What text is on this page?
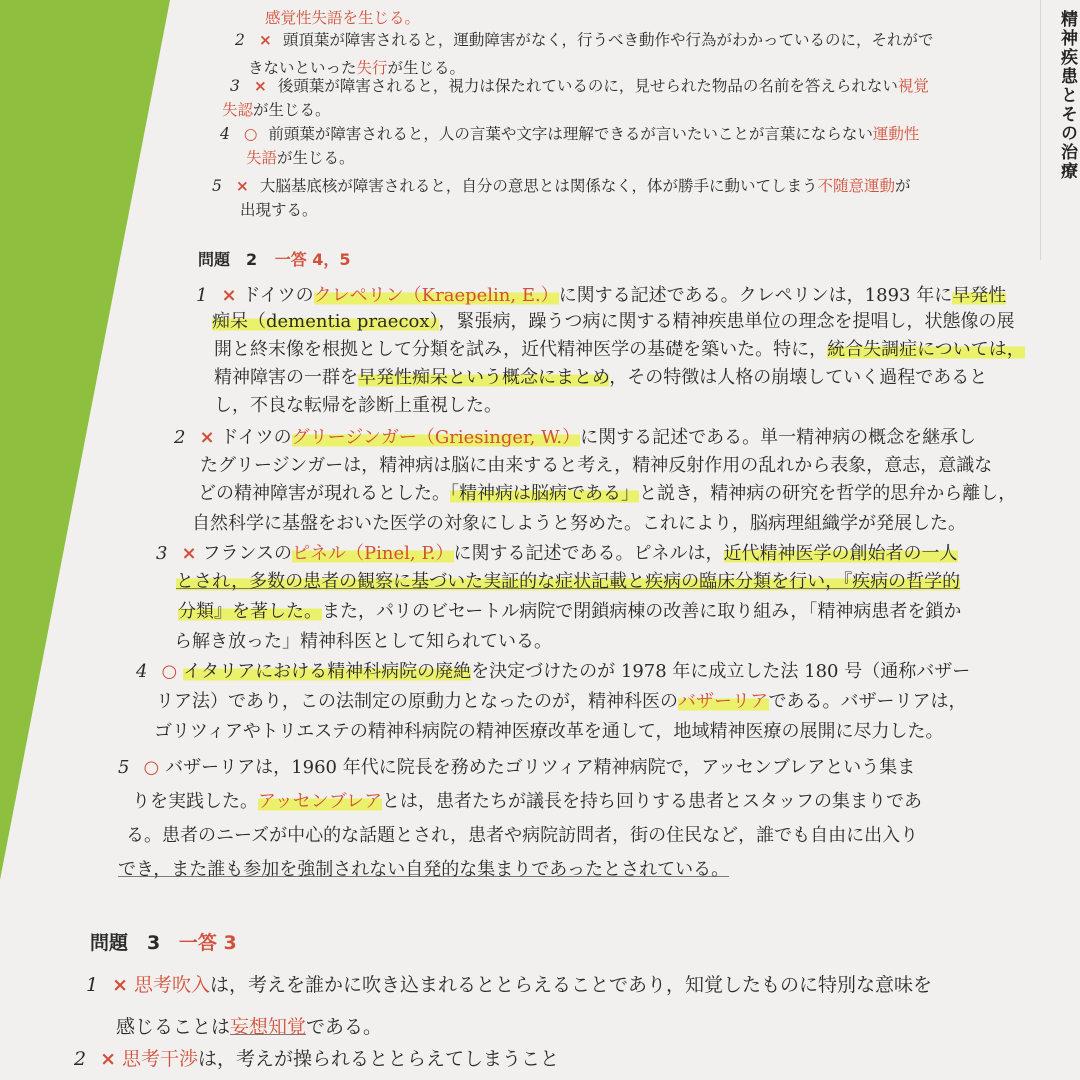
感覚性失語を生じる。
2 × 頭頂葉が障害されると，運動障害がなく，行うべき動作や行為がわかっているのに，それがで
きないといった失行が生じる。
3 × 後頭葉が障害されると，視力は保たれているのに，見せられた物品の名前を答えられない視覚
失認が生じる。
4 ○ 前頭葉が障害されると，人の言葉や文字は理解できるが言いたいことが言葉にならない運動性
失語が生じる。
5 × 大脳基底核が障害されると，自分の意思とは関係なく，体が勝手に動いてしまう不随意運動が
出現する。
問題　2 一答 4，5
1 × ドイツのクレペリン（Kraepelin, E.）に関する記述である。クレペリンは，1893 年に早発性
痴呆（dementia praecox），緊張病，躁うつ病に関する精神疾患単位の理念を提唱し，状態像の展
開と終末像を根拠として分類を試み，近代精神医学の基礎を築いた。特に，統合失調症については，
精神障害の一群を早発性痴呆という概念にまとめ，その特徴は人格の崩壊していく過程であると
し，不良な転帰を診断上重視した。
2 × ドイツのグリージンガー（Griesinger, W.）に関する記述である。単一精神病の概念を継承し
たグリージンガーは，精神病は脳に由来すると考え，精神反射作用の乱れから表象，意志，意識な
どの精神障害が現れるとした。「精神病は脳病である」と説き，精神病の研究を哲学的思弁から離し，
自然科学に基盤をおいた医学の対象にしようと努めた。これにより，脳病理組織学が発展した。
3 × フランスのピネル（Pinel, P.）に関する記述である。ピネルは，近代精神医学の創始者の一人
とされ，多数の患者の観察に基づいた実証的な症状記載と疾病の臨床分類を行い，『疾病の哲学的
分類』を著した。また，パリのビセートル病院で閉鎖病棟の改善に取り組み，「精神病患者を鎖か
ら解き放った」精神科医として知られている。
4 ○ イタリアにおける精神科病院の廃絶を決定づけたのが 1978 年に成立した法 180 号（通称バザー
リア法）であり，この法制定の原動力となったのが，精神科医のバザーリアである。バザーリアは，
ゴリツィアやトリエステの精神科病院の精神医療改革を通して，地域精神医療の展開に尽力した。
5 ○ バザーリアは，1960 年代に院長を務めたゴリツィア精神病院で，アッセンブレアという集ま
りを実践した。アッセンブレアとは，患者たちが議長を持ち回りする患者とスタッフの集まりであ
る。患者のニーズが中心的な話題とされ，患者や病院訪問者，街の住民など，誰でも自由に出入り
でき，また誰も参加を強制されない自発的な集まりであったとされている。
問題　3 一答 3
1 × 思考吹入は，考えを誰かに吹き込まれるととらえることであり，知覚したものに特別な意味を
感じることは妄想知覚である。
2 × 思考干渉は，考えが操られるととらえてしまうこと
精神疾患とその治療
